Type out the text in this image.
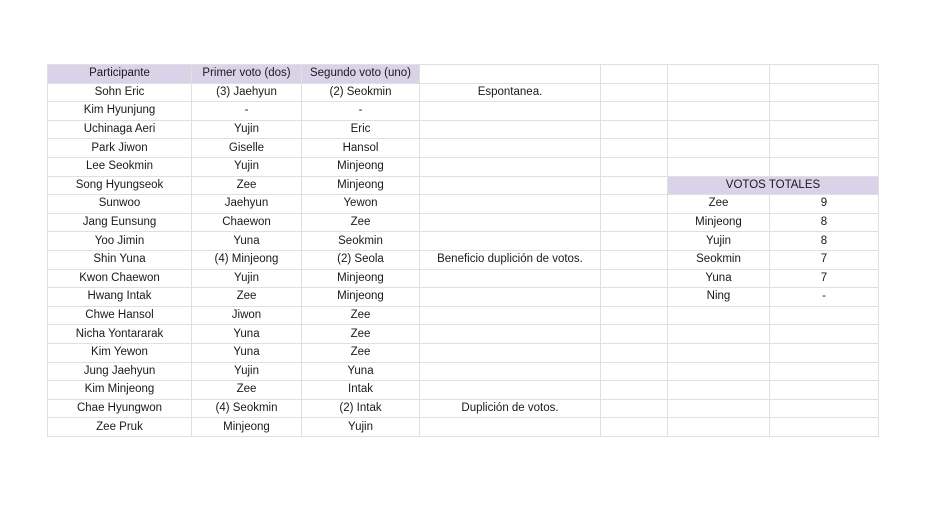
Participante	Primer voto (dos)	Segundo voto (uno)				
Sohn Eric	(3) Jaehyun	(2) Seokmin	Espontanea.			
Kim Hyunjung	-	-				
Uchinaga Aeri	Yujin	Eric				
Park Jiwon	Giselle	Hansol				
Lee Seokmin	Yujin	Minjeong				
Song Hyungseok	Zee	Minjeong			VOTOS TOTALES	
Sunwoo	Jaehyun	Yewon			Zee	9
Jang Eunsung	Chaewon	Zee			Minjeong	8
Yoo Jimin	Yuna	Seokmin			Yujin	8
Shin Yuna	(4) Minjeong	(2) Seola	Beneficio duplición de votos.		Seokmin	7
Kwon Chaewon	Yujin	Minjeong			Yuna	7
Hwang Intak	Zee	Minjeong			Ning	-
Chwe Hansol	Jiwon	Zee				
Nicha Yontararak	Yuna	Zee				
Kim Yewon	Yuna	Zee				
Jung Jaehyun	Yujin	Yuna				
Kim Minjeong	Zee	Intak				
Chae Hyungwon	(4) Seokmin	(2) Intak	Duplición de votos.			
Zee Pruk	Minjeong	Yujin				
